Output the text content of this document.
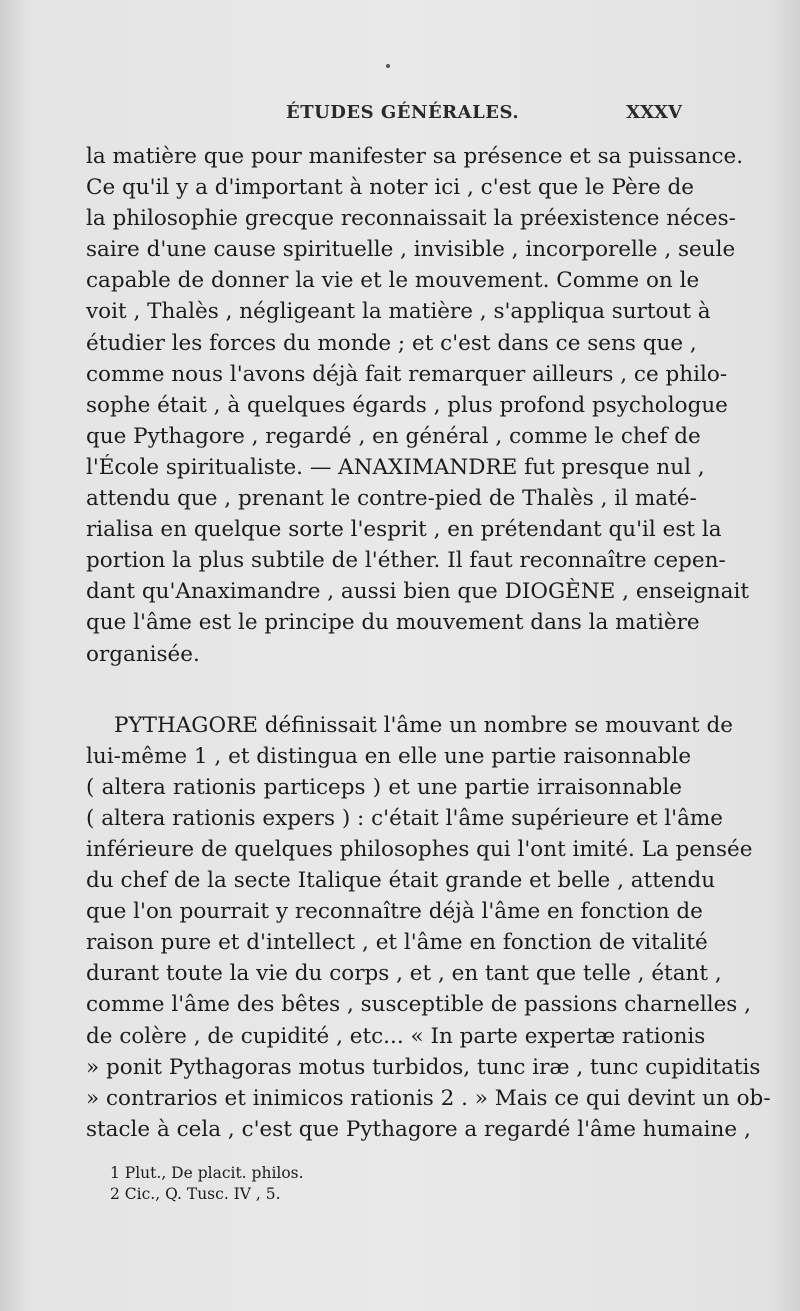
ÉTUDES GÉNÉRALES.	XXXV
la matière que pour manifester sa présence et sa puissance.
Ce qu'il y a d'important à noter ici , c'est que le Père de
la philosophie grecque reconnaissait la préexistence néces-
saire d'une cause spirituelle , invisible , incorporelle , seule
capable de donner la vie et le mouvement. Comme on le
voit , Thalès , négligeant la matière , s'appliqua surtout à
étudier les forces du monde ; et c'est dans ce sens que ,
comme nous l'avons déjà fait remarquer ailleurs , ce philo-
sophe était , à quelques égards , plus profond psychologue
que Pythagore , regardé , en général , comme le chef de
l'École spiritualiste. — ANAXIMANDRE fut presque nul ,
attendu que , prenant le contre-pied de Thalès , il maté-
rialisa en quelque sorte l'esprit , en prétendant qu'il est la
portion la plus subtile de l'éther. Il faut reconnaître cepen-
dant qu'Anaximandre , aussi bien que DIOGÈNE , enseignait
que l'âme est le principe du mouvement dans la matière
organisée.
PYTHAGORE définissait l'âme un nombre se mouvant de
lui-même 1 , et distingua en elle une partie raisonnable
( altera rationis particeps ) et une partie irraisonnable
( altera rationis expers ) : c'était l'âme supérieure et l'âme
inférieure de quelques philosophes qui l'ont imité. La pensée
du chef de la secte Italique était grande et belle , attendu
que l'on pourrait y reconnaître déjà l'âme en fonction de
raison pure et d'intellect , et l'âme en fonction de vitalité
durant toute la vie du corps , et , en tant que telle , étant ,
comme l'âme des bêtes , susceptible de passions charnelles ,
de colère , de cupidité , etc... « In parte expertæ rationis
» ponit Pythagoras motus turbidos, tunc iræ , tunc cupiditatis
» contrarios et inimicos rationis 2 . » Mais ce qui devint un ob-
stacle à cela , c'est que Pythagore a regardé l'âme humaine ,
1 Plut., De placit. philos.
2 Cic., Q. Tusc. IV , 5.
